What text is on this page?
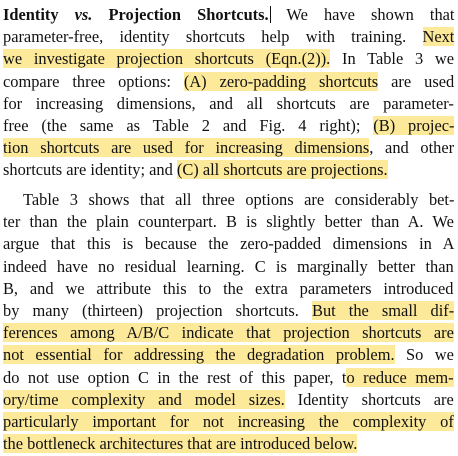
Identity vs. Projection Shortcuts. We have shown that
parameter-free, identity shortcuts help with training. Next
we investigate projection shortcuts (Eqn.(2)). In Table 3 we
compare three options: (A) zero-padding shortcuts are used
for increasing dimensions, and all shortcuts are parameter-
free (the same as Table 2 and Fig. 4 right); (B) projec-
tion shortcuts are used for increasing dimensions, and other
shortcuts are identity; and (C) all shortcuts are projections.
Table 3 shows that all three options are considerably bet-
ter than the plain counterpart. B is slightly better than A. We
argue that this is because the zero-padded dimensions in A
indeed have no residual learning. C is marginally better than
B, and we attribute this to the extra parameters introduced
by many (thirteen) projection shortcuts. But the small dif-
ferences among A/B/C indicate that projection shortcuts are
not essential for addressing the degradation problem. So we
do not use option C in the rest of this paper, to reduce mem-
ory/time complexity and model sizes. Identity shortcuts are
particularly important for not increasing the complexity of
the bottleneck architectures that are introduced below.
